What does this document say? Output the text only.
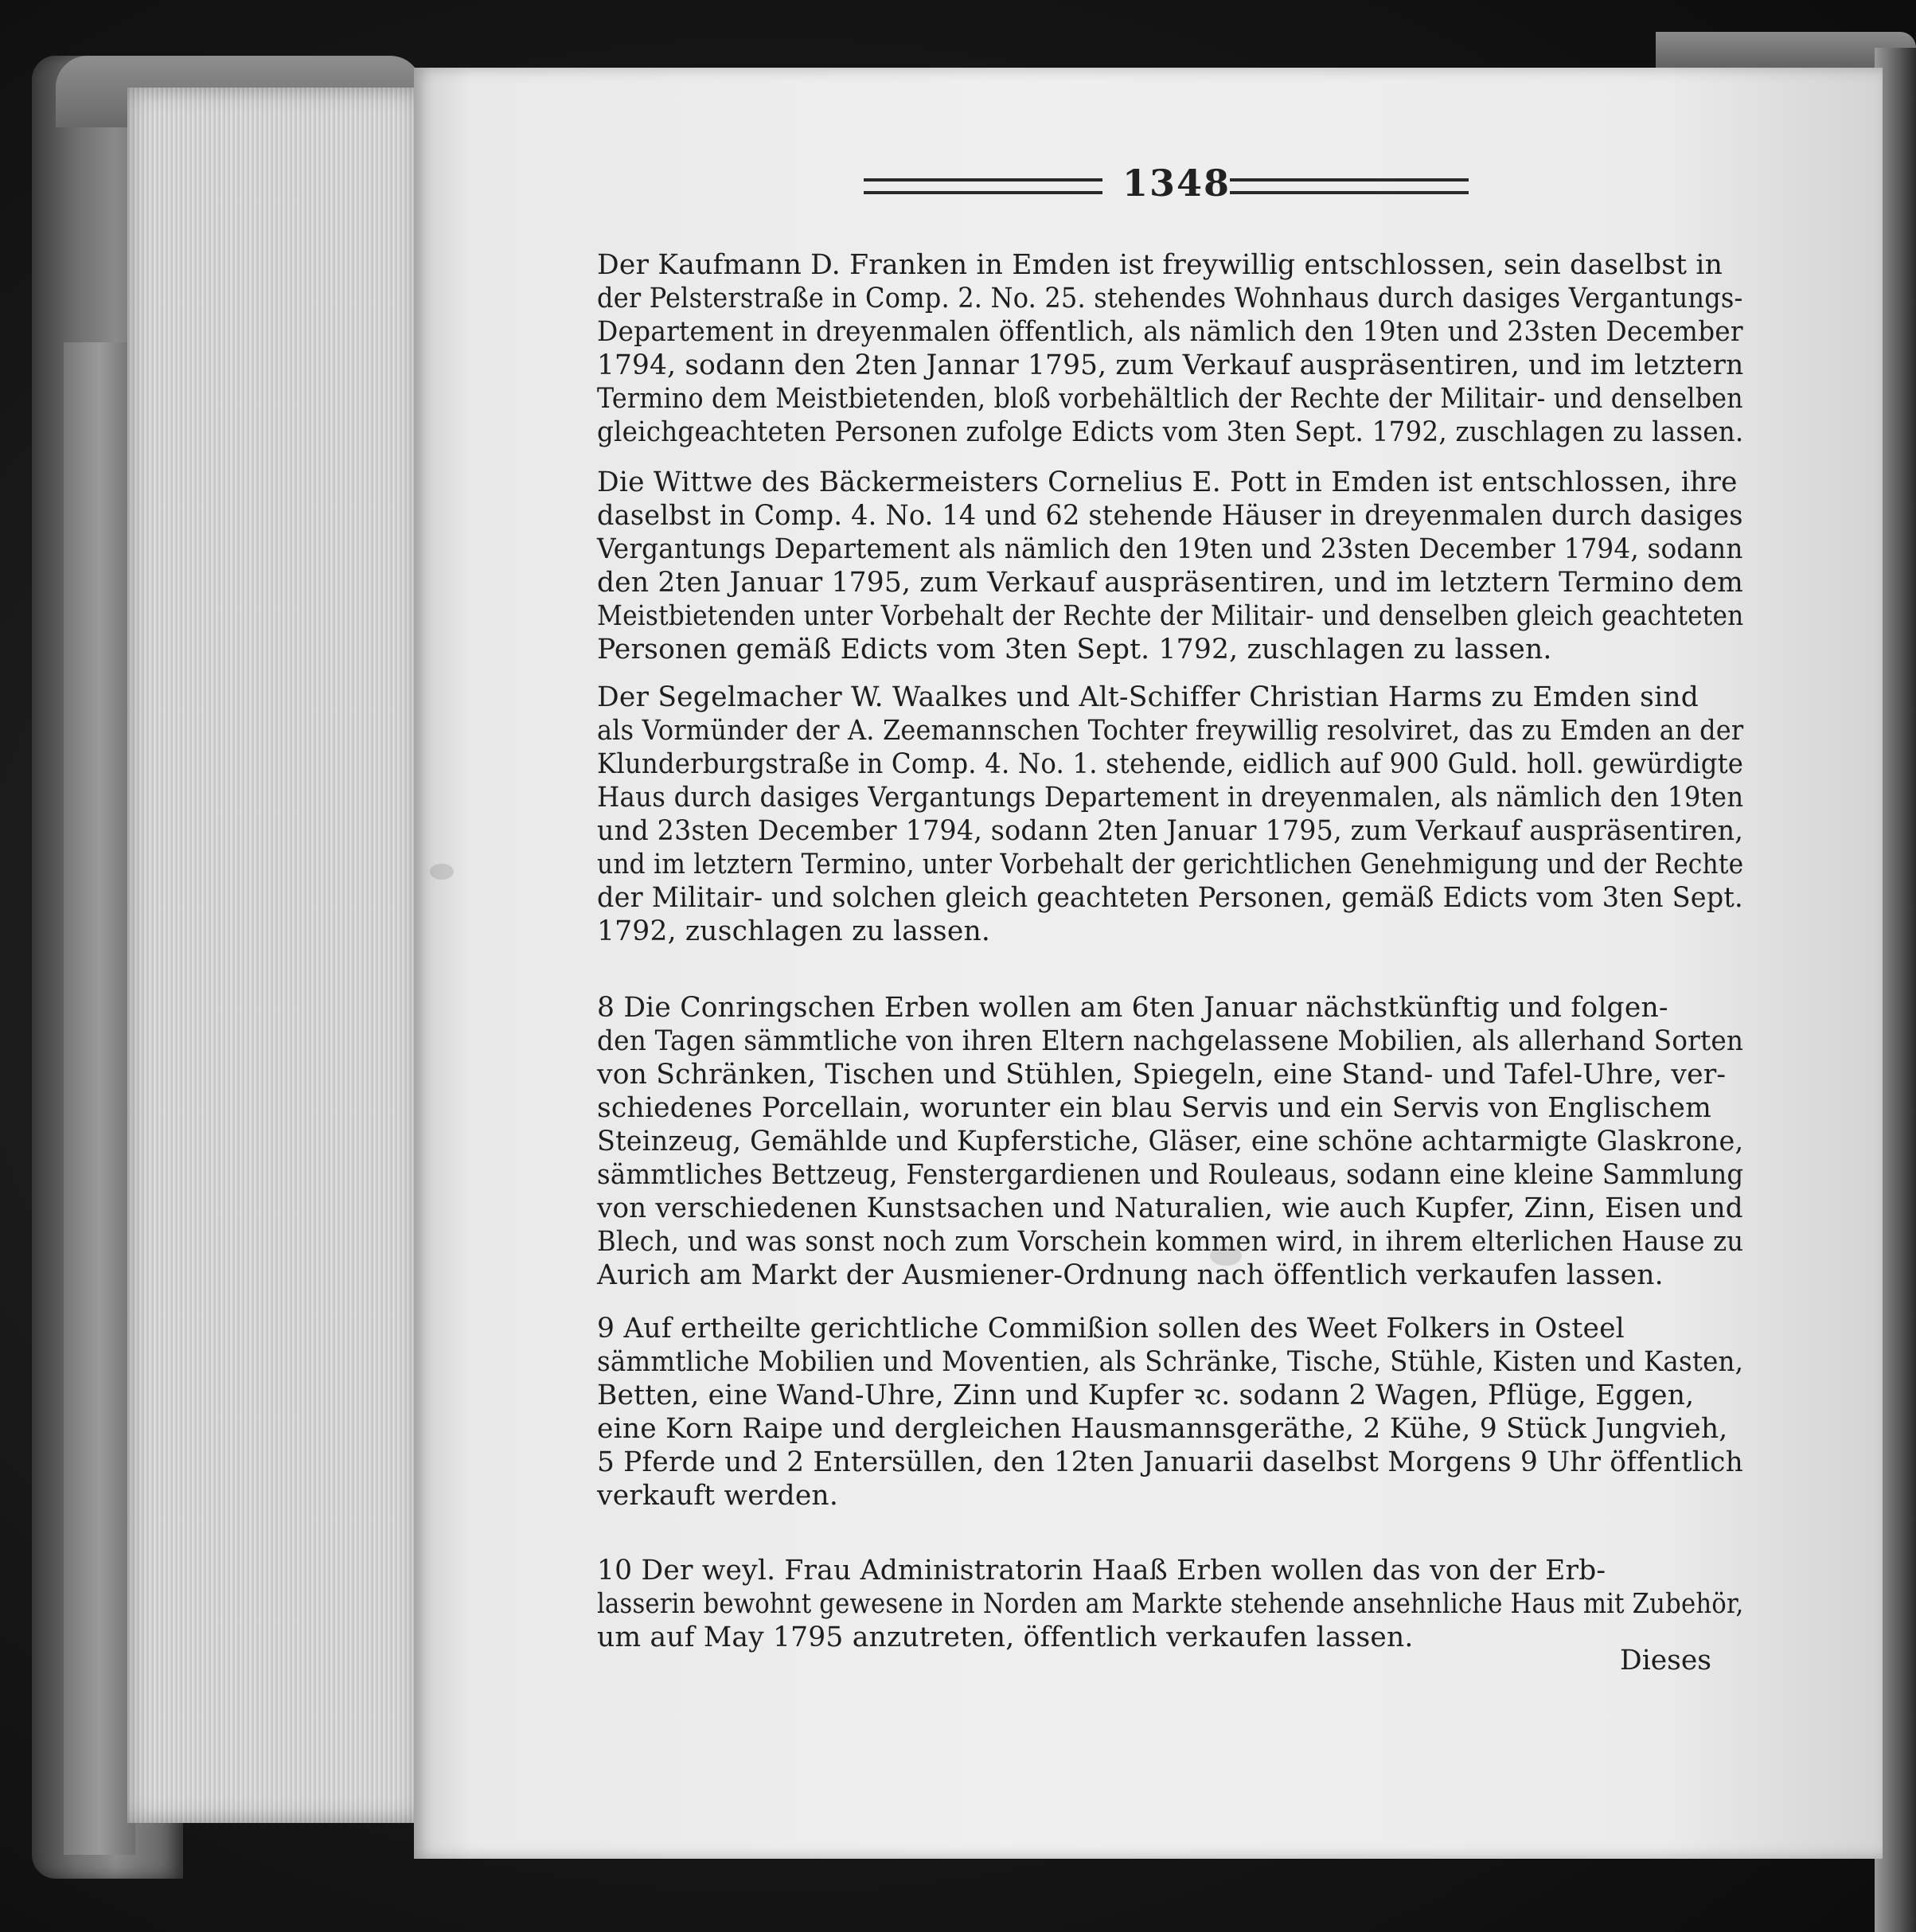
1348
Der Kaufmann D. Franken in Emden ist freywillig entschlossen, sein daselbst in
der Pelsterstraße in Comp. 2. No. 25. stehendes Wohnhaus durch dasiges Vergantungs-
Departement in dreyenmalen öffentlich, als nämlich den 19ten und 23sten December
1794, sodann den 2ten Jannar 1795, zum Verkauf auspräsentiren, und im letztern
Termino dem Meistbietenden, bloß vorbehältlich der Rechte der Militair- und denselben
gleichgeachteten Personen zufolge Edicts vom 3ten Sept. 1792, zuschlagen zu lassen.
Die Wittwe des Bäckermeisters Cornelius E. Pott in Emden ist entschlossen, ihre
daselbst in Comp. 4. No. 14 und 62 stehende Häuser in dreyenmalen durch dasiges
Vergantungs Departement als nämlich den 19ten und 23sten December 1794, sodann
den 2ten Januar 1795, zum Verkauf auspräsentiren, und im letztern Termino dem
Meistbietenden unter Vorbehalt der Rechte der Militair- und denselben gleich geachteten
Personen gemäß Edicts vom 3ten Sept. 1792, zuschlagen zu lassen.
Der Segelmacher W. Waalkes und Alt-Schiffer Christian Harms zu Emden sind
als Vormünder der A. Zeemannschen Tochter freywillig resolviret, das zu Emden an der
Klunderburgstraße in Comp. 4. No. 1. stehende, eidlich auf 900 Guld. holl. gewürdigte
Haus durch dasiges Vergantungs Departement in dreyenmalen, als nämlich den 19ten
und 23sten December 1794, sodann 2ten Januar 1795, zum Verkauf auspräsentiren,
und im letztern Termino, unter Vorbehalt der gerichtlichen Genehmigung und der Rechte
der Militair- und solchen gleich geachteten Personen, gemäß Edicts vom 3ten Sept.
1792, zuschlagen zu lassen.
8 Die Conringschen Erben wollen am 6ten Januar nächstkünftig und folgen-
den Tagen sämmtliche von ihren Eltern nachgelassene Mobilien, als allerhand Sorten
von Schränken, Tischen und Stühlen, Spiegeln, eine Stand- und Tafel-Uhre, ver-
schiedenes Porcellain, worunter ein blau Servis und ein Servis von Englischem
Steinzeug, Gemählde und Kupferstiche, Gläser, eine schöne achtarmigte Glaskrone,
sämmtliches Bettzeug, Fenstergardienen und Rouleaus, sodann eine kleine Sammlung
von verschiedenen Kunstsachen und Naturalien, wie auch Kupfer, Zinn, Eisen und
Blech, und was sonst noch zum Vorschein kommen wird, in ihrem elterlichen Hause zu
Aurich am Markt der Ausmiener-Ordnung nach öffentlich verkaufen lassen.
9 Auf ertheilte gerichtliche Commißion sollen des Weet Folkers in Osteel
sämmtliche Mobilien und Moventien, als Schränke, Tische, Stühle, Kisten und Kasten,
Betten, eine Wand-Uhre, Zinn und Kupfer ꝛc. sodann 2 Wagen, Pflüge, Eggen,
eine Korn Raipe und dergleichen Hausmannsgeräthe, 2 Kühe, 9 Stück Jungvieh,
5 Pferde und 2 Entersüllen, den 12ten Januarii daselbst Morgens 9 Uhr öffentlich
verkauft werden.
10 Der weyl. Frau Administratorin Haaß Erben wollen das von der Erb-
lasserin bewohnt gewesene in Norden am Markte stehende ansehnliche Haus mit Zubehör,
um auf May 1795 anzutreten, öffentlich verkaufen lassen.
Dieses
